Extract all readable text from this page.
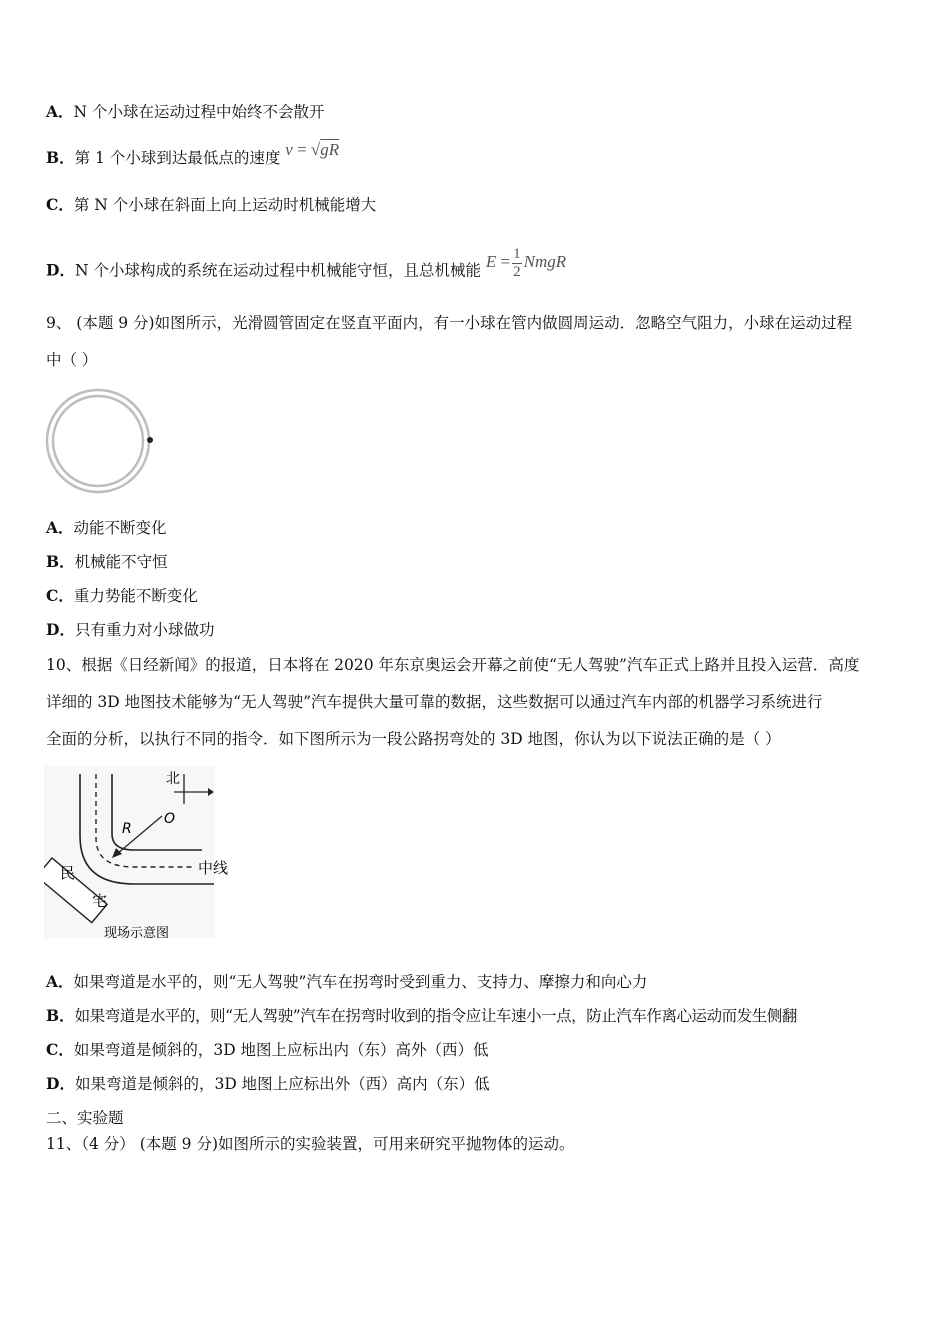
A．N 个小球在运动过程中始终不会散开
B．第 1 个小球到达最低点的速度 v = √gR
C．第 N 个小球在斜面上向上运动时机械能增大
D．N 个小球构成的系统在运动过程中机械能守恒，且总机械能 $E = \frac{1}{2}$ NmgR
9、 (本题 9 分)如图所示，光滑圆管固定在竖直平面内，有一小球在管内做圆周运动．忽略空气阻力，小球在运动过程
中（ ）
A．动能不断变化
B．机械能不守恒
C．重力势能不断变化
D．只有重力对小球做功
10、根据《日经新闻》的报道，日本将在 2020 年东京奥运会开幕之前使“无人驾驶”汽车正式上路并且投入运营．高度
详细的 3D 地图技术能够为“无人驾驶”汽车提供大量可靠的数据，这些数据可以通过汽车内部的机器学习系统进行
全面的分析，以执行不同的指令．如下图所示为一段公路拐弯处的 3D 地图，你认为以下说法正确的是（ ）
北
O
R
中线
民
宅
现场示意图
A．如果弯道是水平的，则“无人驾驶”汽车在拐弯时受到重力、支持力、摩擦力和向心力
B．如果弯道是水平的，则“无人驾驶”汽车在拐弯时收到的指令应让车速小一点，防止汽车作离心运动而发生侧翻
C．如果弯道是倾斜的，3D 地图上应标出内（东）高外（西）低
D．如果弯道是倾斜的，3D 地图上应标出外（西）高内（东）低
二、实验题
11、（4 分） (本题 9 分)如图所示的实验装置，可用来研究平抛物体的运动。
